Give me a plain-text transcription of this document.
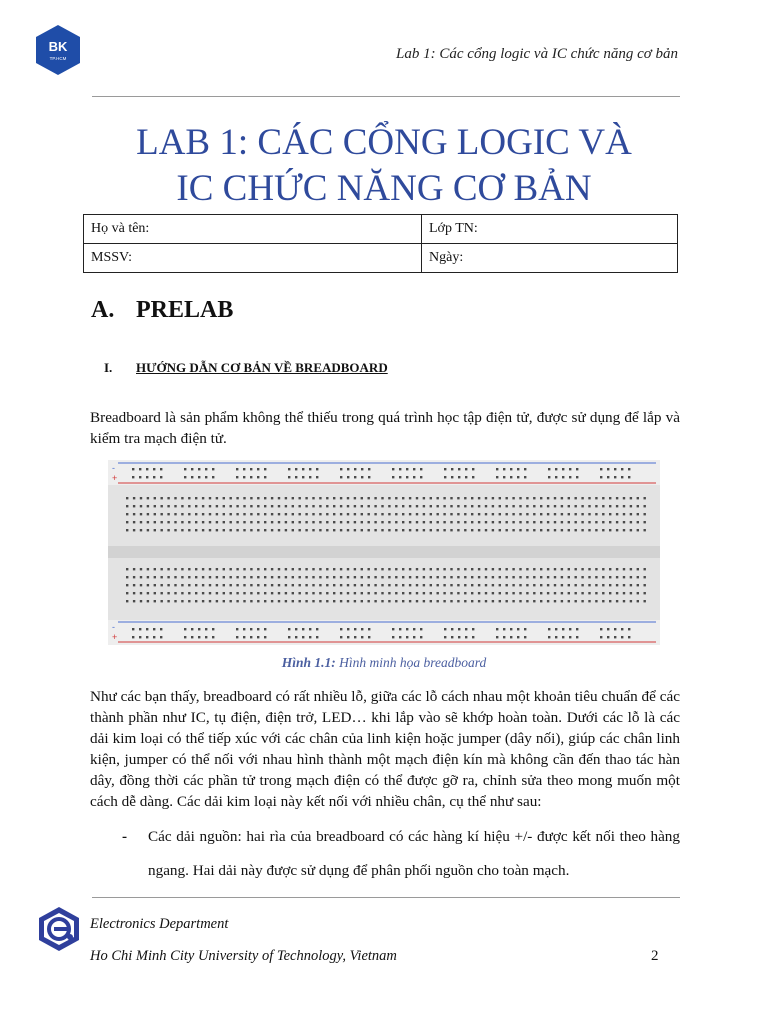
BK
TP.HCM	Lab 1: Các cổng logic và IC chức năng cơ bản
LAB 1: CÁC CỔNG LOGIC VÀ
IC CHỨC NĂNG CƠ BẢN
Họ và tên:	Lớp TN:
MSSV:	Ngày:
A. PRELAB
I. HƯỚNG DẪN CƠ BẢN VỀ BREADBOARD
Breadboard là sản phẩm không thể thiếu trong quá trình học tập điện tử, được sử dụng để lắp và kiểm tra mạch điện tử.
-
+
-
+
Hình 1.1: Hình minh họa breadboard
Như các bạn thấy, breadboard có rất nhiều lỗ, giữa các lỗ cách nhau một khoản tiêu chuẩn để các thành phần như IC, tụ điện, điện trở, LED… khi lắp vào sẽ khớp hoàn toàn. Dưới các lỗ là các dải kim loại có thể tiếp xúc với các chân của linh kiện hoặc jumper (dây nối), giúp các chân linh kiện, jumper có thể nối với nhau hình thành một mạch điện kín mà không cần đến thao tác hàn dây, đồng thời các phần tử trong mạch điện có thể được gỡ ra, chỉnh sửa theo mong muốn một cách dễ dàng. Các dải kim loại này kết nối với nhiều chân, cụ thể như sau:
- Các dải nguồn: hai rìa của breadboard có các hàng kí hiệu +/- được kết nối theo hàng ngang. Hai dải này được sử dụng để phân phối nguồn cho toàn mạch.
Electronics Department
Ho Chi Minh City University of Technology, Vietnam	2
